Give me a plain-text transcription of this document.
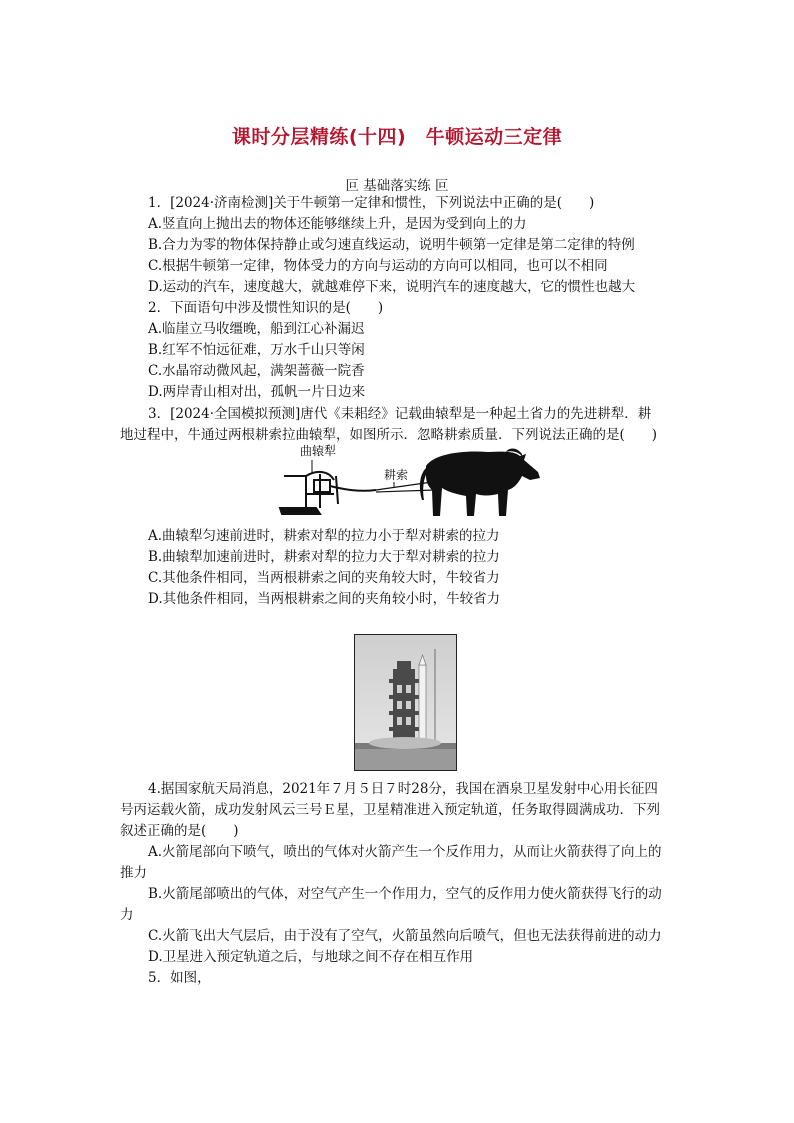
课时分层精练(十四)　牛顿运动三定律
叵 基础落实练 叵
1．[2024·济南检测]关于牛顿第一定律和惯性，下列说法中正确的是(　　)
A.竖直向上抛出去的物体还能够继续上升，是因为受到向上的力
B.合力为零的物体保持静止或匀速直线运动，说明牛顿第一定律是第二定律的特例
C.根据牛顿第一定律，物体受力的方向与运动的方向可以相同，也可以不相同
D.运动的汽车，速度越大，就越难停下来，说明汽车的速度越大，它的惯性也越大
2．下面语句中涉及惯性知识的是(　　)
A.临崖立马收缰晚，船到江心补漏迟
B.红军不怕远征难，万水千山只等闲
C.水晶帘动微风起，满架蔷薇一院香
D.两岸青山相对出，孤帆一片日边来
3．[2024·全国模拟预测]唐代《耒耜经》记载曲辕犁是一种起土省力的先进耕犁．耕
地过程中，牛通过两根耕索拉曲辕犁，如图所示．忽略耕索质量．下列说法正确的是(　　)
曲辕犁
耕索
A.曲辕犁匀速前进时，耕索对犁的拉力小于犁对耕索的拉力
B.曲辕犁加速前进时，耕索对犁的拉力大于犁对耕索的拉力
C.其他条件相同，当两根耕索之间的夹角较大时，牛较省力
D.其他条件相同，当两根耕索之间的夹角较小时，牛较省力
4.据国家航天局消息，2021年７月５日７时28分，我国在酒泉卫星发射中心用长征四
号丙运载火箭，成功发射风云三号Ｅ星，卫星精准进入预定轨道，任务取得圆满成功．下列
叙述正确的是(　　)
A.火箭尾部向下喷气，喷出的气体对火箭产生一个反作用力，从而让火箭获得了向上的
推力
B.火箭尾部喷出的气体，对空气产生一个作用力，空气的反作用力使火箭获得飞行的动
力
C.火箭飞出大气层后，由于没有了空气，火箭虽然向后喷气，但也无法获得前进的动力
D.卫星进入预定轨道之后，与地球之间不存在相互作用
5．如图，
